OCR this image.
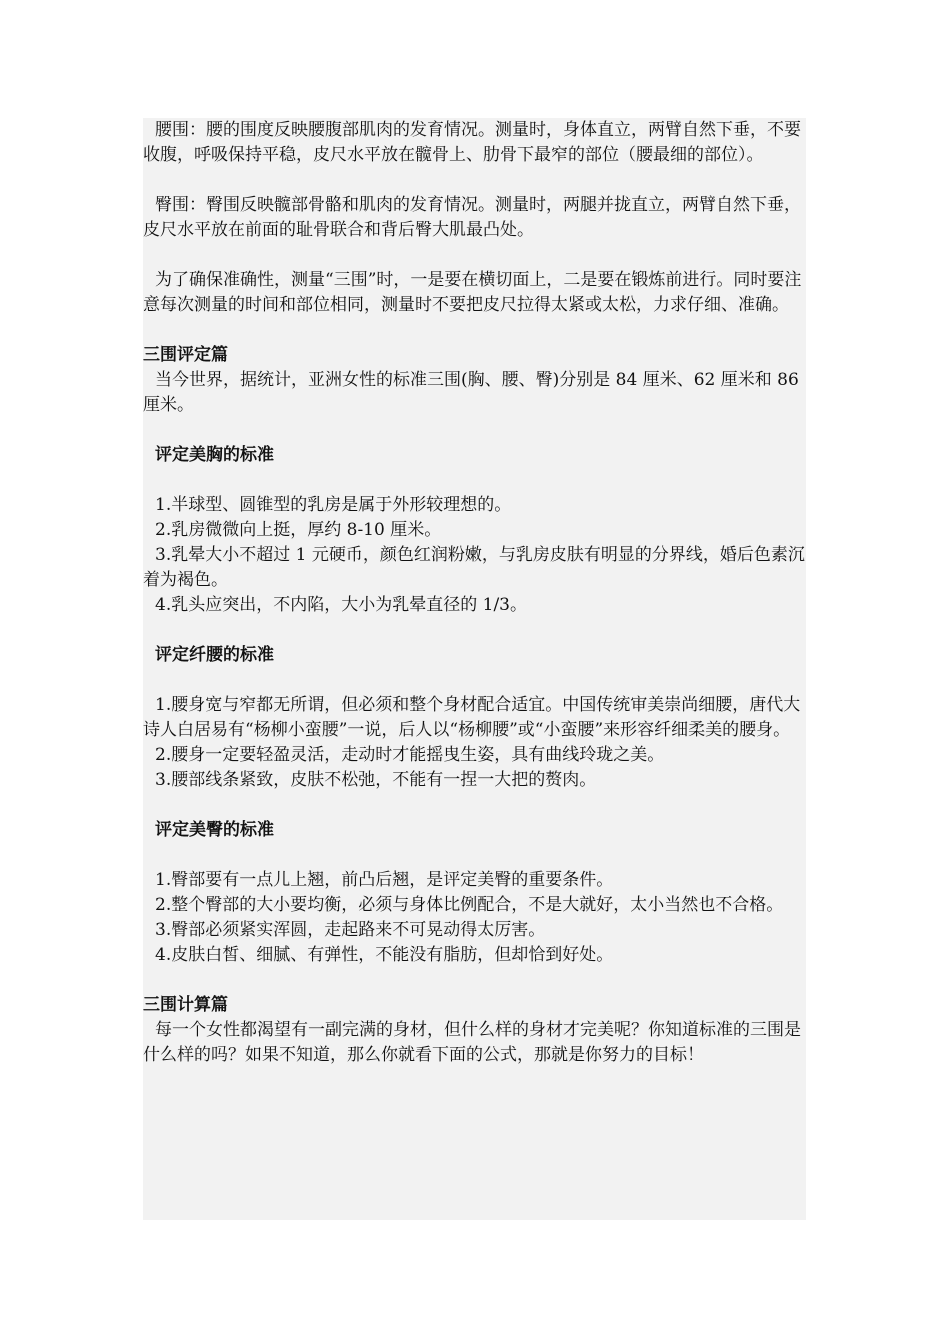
腰围：腰的围度反映腰腹部肌肉的发育情况。测量时，身体直立，两臂自然下垂，不要收腹，呼吸保持平稳，皮尺水平放在髋骨上、肋骨下最窄的部位（腰最细的部位）。

臀围：臀围反映髋部骨骼和肌肉的发育情况。测量时，两腿并拢直立，两臂自然下垂，皮尺水平放在前面的耻骨联合和背后臀大肌最凸处。

为了确保准确性，测量“三围”时，一是要在横切面上，二是要在锻炼前进行。同时要注意每次测量的时间和部位相同，测量时不要把皮尺拉得太紧或太松，力求仔细、准确。

三围评定篇

当今世界，据统计，亚洲女性的标准三围(胸、腰、臀)分别是 84 厘米、62 厘米和 86 厘米。

评定美胸的标准

1.半球型、圆锥型的乳房是属于外形较理想的。

2.乳房微微向上挺，厚约 8-10 厘米。

3.乳晕大小不超过 1 元硬币，颜色红润粉嫩，与乳房皮肤有明显的分界线，婚后色素沉着为褐色。

4.乳头应突出，不内陷，大小为乳晕直径的 1/3。

评定纤腰的标准

1.腰身宽与窄都无所谓，但必须和整个身材配合适宜。中国传统审美崇尚细腰，唐代大诗人白居易有“杨柳小蛮腰”一说，后人以“杨柳腰”或“小蛮腰”来形容纤细柔美的腰身。

2.腰身一定要轻盈灵活，走动时才能摇曳生姿，具有曲线玲珑之美。

3.腰部线条紧致，皮肤不松弛，不能有一捏一大把的赘肉。

评定美臀的标准

1.臀部要有一点儿上翘，前凸后翘，是评定美臀的重要条件。

2.整个臀部的大小要均衡，必须与身体比例配合，不是大就好，太小当然也不合格。

3.臀部必须紧实浑圆，走起路来不可晃动得太厉害。

4.皮肤白皙、细腻、有弹性，不能没有脂肪，但却恰到好处。

三围计算篇

每一个女性都渴望有一副完满的身材，但什么样的身材才完美呢？你知道标准的三围是什么样的吗？如果不知道，那么你就看下面的公式，那就是你努力的目标！
